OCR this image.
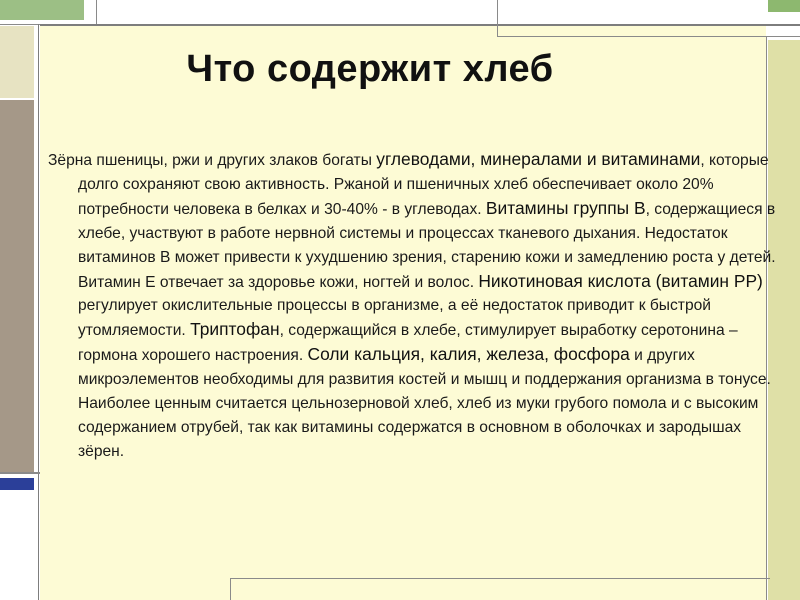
Что содержит хлеб
Зёрна пшеницы, ржи и других злаков богаты углеводами, минералами и витаминами, которые долго сохраняют свою активность. Ржаной и пшеничных хлеб обеспечивает около 20% потребности человека в белках и 30-40% - в углеводах. Витамины группы В, содержащиеся в хлебе, участвуют в работе нервной системы и процессах тканевого дыхания. Недостаток витаминов В может привести к ухудшению зрения, старению кожи и замедлению роста у детей. Витамин Е отвечает за здоровье кожи, ногтей и волос. Никотиновая кислота (витамин РР) регулирует окислительные процессы в организме, а её недостаток приводит к быстрой утомляемости. Триптофан, содержащийся в хлебе, стимулирует выработку серотонина – гормона хорошего настроения. Соли кальция, калия, железа, фосфора и других микроэлементов необходимы для развития костей и мышц и поддержания организма в тонусе. Наиболее ценным считается цельнозерновой хлеб, хлеб из муки грубого помола и с высоким содержанием отрубей, так как витамины содержатся в основном в оболочках и зародышах зёрен.
